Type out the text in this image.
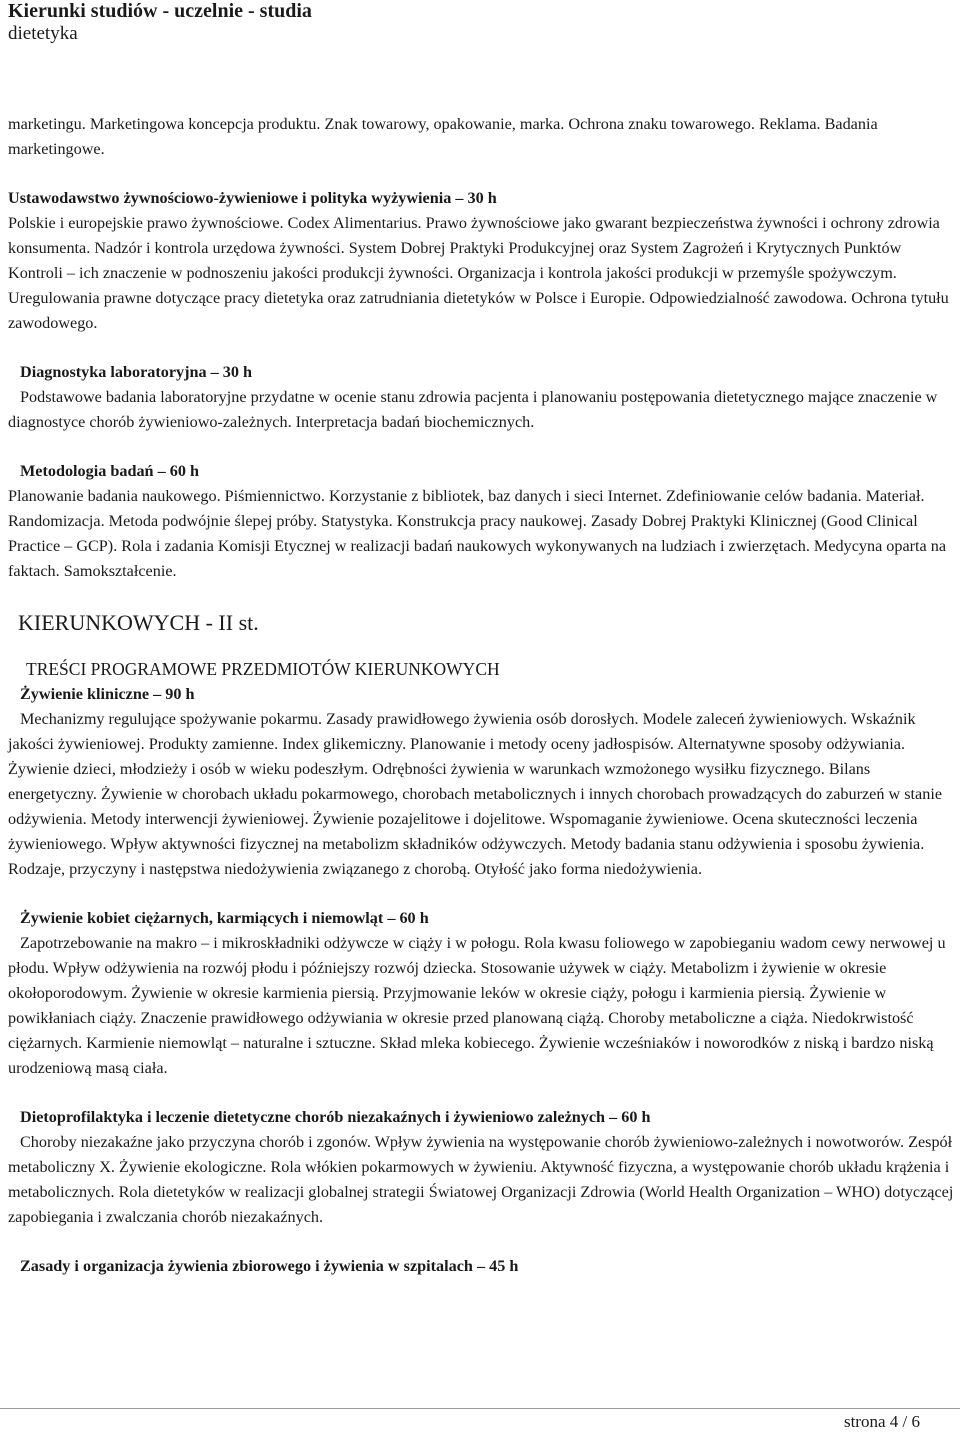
Kierunki studiów - uczelnie - studia
dietetyka

marketingu. Marketingowa koncepcja produktu. Znak towarowy, opakowanie, marka. Ochrona znaku towarowego. Reklama. Badania marketingowe.

Ustawodawstwo żywnościowo-żywieniowe i polityka wyżywienia – 30 h

Polskie i europejskie prawo żywnościowe. Codex Alimentarius. Prawo żywnościowe jako gwarant bezpieczeństwa żywności i ochrony zdrowia konsumenta. Nadzór i kontrola urzędowa żywności. System Dobrej Praktyki Produkcyjnej oraz System Zagrożeń i Krytycznych Punktów Kontroli – ich znaczenie w podnoszeniu jakości produkcji żywności. Organizacja i kontrola jakości produkcji w przemyśle spożywczym. Uregulowania prawne dotyczące pracy dietetyka oraz zatrudniania dietetyków w Polsce i Europie. Odpowiedzialność zawodowa. Ochrona tytułu zawodowego.

Diagnostyka laboratoryjna – 30 h

Podstawowe badania laboratoryjne przydatne w ocenie stanu zdrowia pacjenta i planowaniu postępowania dietetycznego mające znaczenie w diagnostyce chorób żywieniowo-zależnych. Interpretacja badań biochemicznych.

Metodologia badań – 60 h

Planowanie badania naukowego. Piśmiennictwo. Korzystanie z bibliotek, baz danych i sieci Internet. Zdefiniowanie celów badania. Materiał. Randomizacja. Metoda podwójnie ślepej próby. Statystyka. Konstrukcja pracy naukowej. Zasady Dobrej Praktyki Klinicznej (Good Clinical Practice – GCP). Rola i zadania Komisji Etycznej w realizacji badań naukowych wykonywanych na ludziach i zwierzętach. Medycyna oparta na faktach. Samokształcenie.

KIERUNKOWYCH - II st.

TREŚCI PROGRAMOWE PRZEDMIOTÓW KIERUNKOWYCH

Żywienie kliniczne – 90 h

Mechanizmy regulujące spożywanie pokarmu. Zasady prawidłowego żywienia osób dorosłych. Modele zaleceń żywieniowych. Wskaźnik jakości żywieniowej. Produkty zamienne. Index glikemiczny. Planowanie i metody oceny jadłospisów. Alternatywne sposoby odżywiania. Żywienie dzieci, młodzieży i osób w wieku podeszłym. Odrębności żywienia w warunkach wzmożonego wysiłku fizycznego. Bilans energetyczny. Żywienie w chorobach układu pokarmowego, chorobach metabolicznych i innych chorobach prowadzących do zaburzeń w stanie odżywienia. Metody interwencji żywieniowej. Żywienie pozajelitowe i dojelitowe. Wspomaganie żywieniowe. Ocena skuteczności leczenia żywieniowego. Wpływ aktywności fizycznej na metabolizm składników odżywczych. Metody badania stanu odżywienia i sposobu żywienia. Rodzaje, przyczyny i następstwa niedożywienia związanego z chorobą. Otyłość jako forma niedożywienia.

Żywienie kobiet ciężarnych, karmiących i niemowląt – 60 h

Zapotrzebowanie na makro – i mikroskładniki odżywcze w ciąży i w połogu. Rola kwasu foliowego w zapobieganiu wadom cewy nerwowej u płodu. Wpływ odżywienia na rozwój płodu i późniejszy rozwój dziecka. Stosowanie używek w ciąży. Metabolizm i żywienie w okresie okołoporodowym. Żywienie w okresie karmienia piersią. Przyjmowanie leków w okresie ciąży, połogu i karmienia piersią. Żywienie w powikłaniach ciąży. Znaczenie prawidłowego odżywiania w okresie przed planowaną ciążą. Choroby metaboliczne a ciąża. Niedokrwistość ciężarnych. Karmienie niemowląt – naturalne i sztuczne. Skład mleka kobiecego. Żywienie wcześniaków i noworodków z niską i bardzo niską urodzeniową masą ciała.

Dietoprofilaktyka i leczenie dietetyczne chorób niezakaźnych i żywieniowo zależnych – 60 h

Choroby niezakaźne jako przyczyna chorób i zgonów. Wpływ żywienia na występowanie chorób żywieniowo-zależnych i nowotworów. Zespół metaboliczny X. Żywienie ekologiczne. Rola włókien pokarmowych w żywieniu. Aktywność fizyczna, a występowanie chorób układu krążenia i metabolicznych. Rola dietetyków w realizacji globalnej strategii Światowej Organizacji Zdrowia (World Health Organization – WHO) dotyczącej zapobiegania i zwalczania chorób niezakaźnych.

Zasady i organizacja żywienia zbiorowego i żywienia w szpitalach – 45 h

strona 4 / 6
